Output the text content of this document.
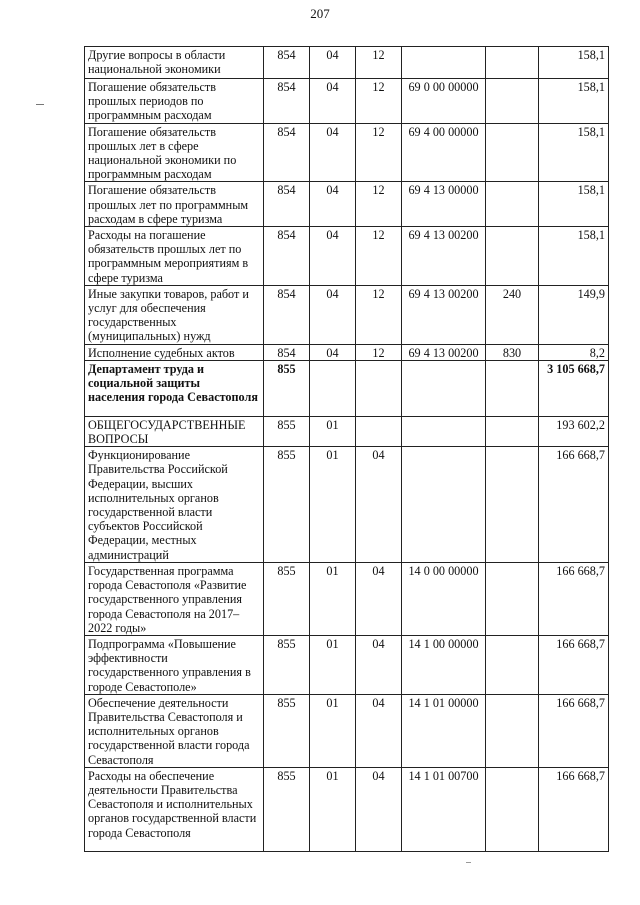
207
Другие вопросы в области национальной экономики	854	04	12			158,1
Погашение обязательств прошлых периодов по программным расходам	854	04	12	69 0 00 00000		158,1
Погашение обязательств прошлых лет в сфере национальной экономики по программным расходам	854	04	12	69 4 00 00000		158,1
Погашение обязательств прошлых лет по программным расходам в сфере туризма	854	04	12	69 4 13 00000		158,1
Расходы на погашение обязательств прошлых лет по программным мероприятиям в сфере туризма	854	04	12	69 4 13 00200		158,1
Иные закупки товаров, работ и услуг для обеспечения государственных (муниципальных) нужд	854	04	12	69 4 13 00200	240	149,9
Исполнение судебных актов	854	04	12	69 4 13 00200	830	8,2
Департамент труда и социальной защиты населения города Севастополя	855					3 105 668,7
ОБЩЕГОСУДАРСТВЕННЫЕ ВОПРОСЫ	855	01				193 602,2
Функционирование Правительства Российской Федерации, высших исполнительных органов государственной власти субъектов Российской Федерации, местных администраций	855	01	04			166 668,7
Государственная программа города Севастополя «Развитие государственного управления города Севастополя на 2017–2022 годы»	855	01	04	14 0 00 00000		166 668,7
Подпрограмма «Повышение эффективности государственного управления в городе Севастополе»	855	01	04	14 1 00 00000		166 668,7
Обеспечение деятельности Правительства Севастополя и исполнительных органов государственной власти города Севастополя	855	01	04	14 1 01 00000		166 668,7
Расходы на обеспечение деятельности Правительства Севастополя и исполнительных органов государственной власти города Севастополя	855	01	04	14 1 01 00700		166 668,7
